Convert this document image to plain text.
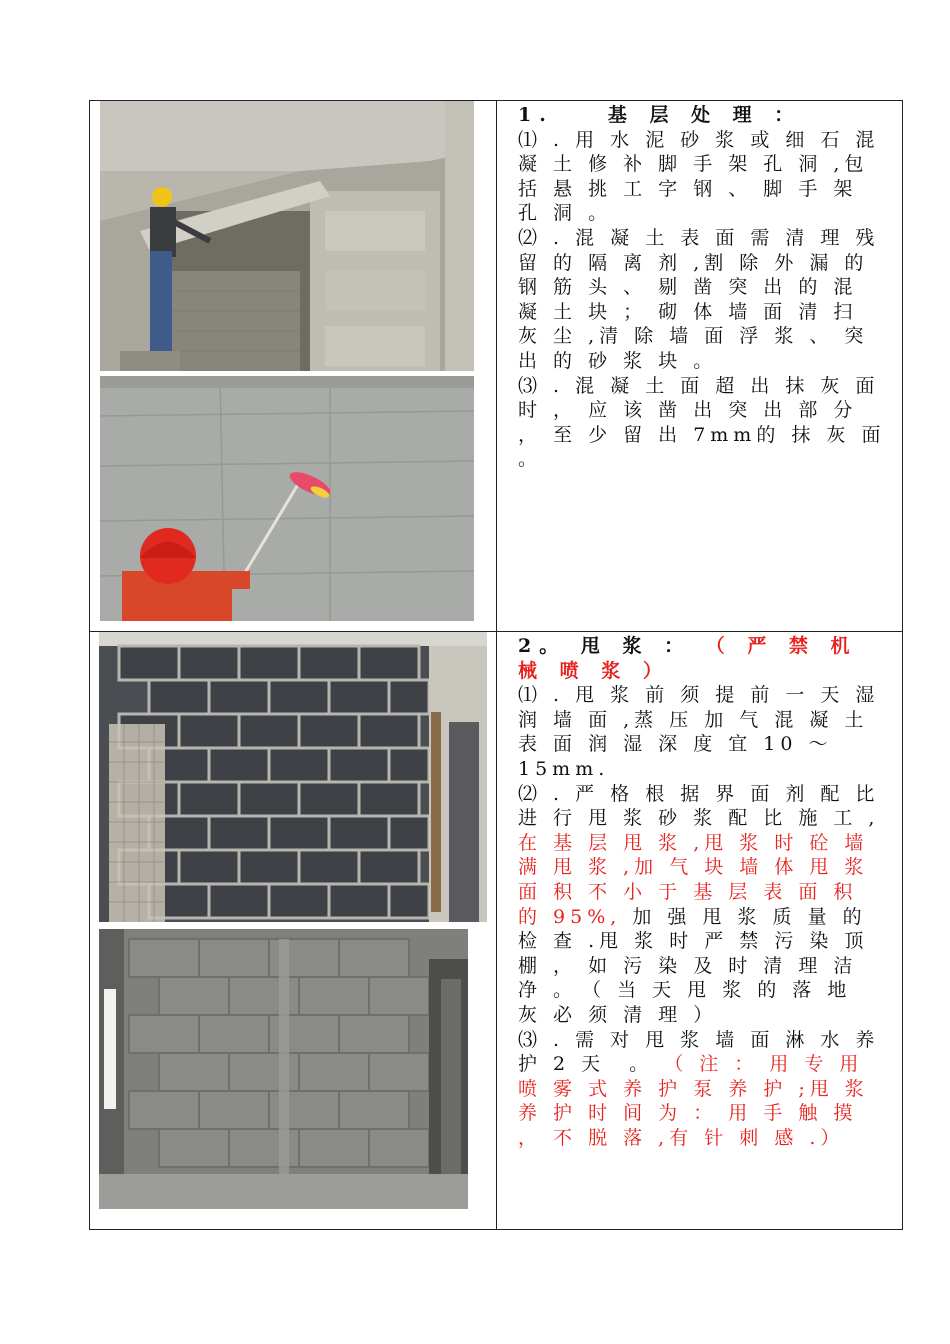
1.　　基 层 处 理 ：

⑴ . 用 水 泥 砂 浆 或 细 石 混 凝 土 修 补 脚 手 架 孔 洞 ,包 括 悬 挑 工 字 钢 、 脚 手 架 孔 洞 。

⑵ . 混 凝 土 表 面 需 清 理 残 留 的 隔 离 剂 ,割 除 外 漏 的 钢 筋 头 、 剔 凿 突 出 的 混 凝 土 块 ； 砌 体 墙 面 清 扫 灰 尘 ,清 除 墙 面 浮 浆 、 突 出 的 砂 浆 块 。

⑶ . 混 凝 土 面 超 出 抹 灰 面 时 ， 应 该 凿 出 突 出 部 分 ， 至 少 留 出 7mm的 抹 灰 面 。

2。 甩 浆 ： （ 严 禁 机 械 喷 浆 ）

⑴ . 甩 浆 前 须 提 前 一 天 湿 润 墙 面 ,蒸 压 加 气 混 凝 土 表 面 润 湿 深 度 宜 10 ～ 15mm.

⑵ . 严 格 根 据 界 面 剂 配 比 进 行 甩 浆 砂 浆 配 比 施 工 , 在 基 层 甩 浆 ,甩 浆 时 砼 墙 满 甩 浆 ,加 气 块 墙 体 甩 浆 面 积 不 小 于 基 层 表 面 积 的 95%, 加 强 甩 浆 质 量 的 检 查 .甩 浆 时 严 禁 污 染 顶 棚 ， 如 污 染 及 时 清 理 洁 净 。　（ 当 天 甩 浆 的 落 地 灰 必 须 清 理 ）

⑶ . 需 对 甩 浆 墙 面 淋 水 养 护 2 天　。 （ 注 ： 用 专 用 喷 雾 式 养 护 泵 养 护 ;甩 浆 养 护 时 间 为 ： 用 手 触 摸 ， 不 脱 落 ,有 针 刺 感 .）
